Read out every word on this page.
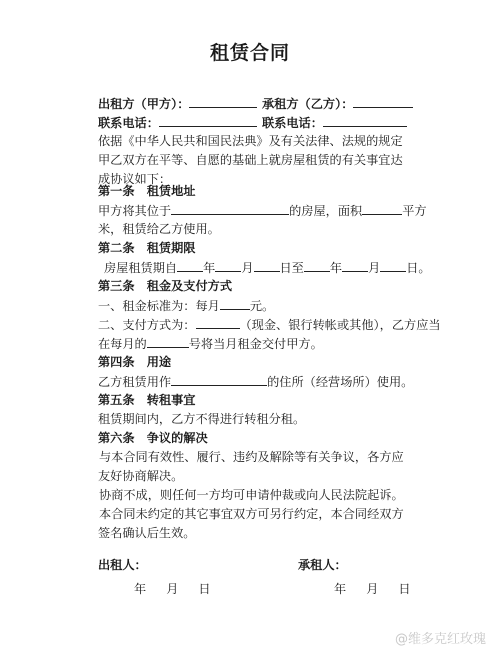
租赁合同
出租方（甲方）：	承租方（乙方）：
联系电话：	联系电话：
依据《中华人民共和国民法典》及有关法律、法规的规定甲乙双方在平等、自愿的基础上就房屋租赁的有关事宜达成协议如下：
第一条　租赁地址
甲方将其位于	的房屋，面积	平方
米，租赁给乙方使用。
第二条　租赁期限
房屋租赁期自 年 月 日至 年 月 日。
第三条　租金及支付方式
一、租金标准为：每月 元。
二、支付方式为：	（现金、银行转帐或其他），乙方应当
在每月的	号将当月租金交付甲方。
第四条　用途
乙方租赁用作	的住所（经营场所）使用。
第五条　转租事宜
租赁期间内，乙方不得进行转租分租。
第六条　争议的解决
与本合同有效性、履行、违约及解除等有关争议，各方应友好协商解决。
协商不成，则任何一方均可申请仲裁或向人民法院起诉。
本合同未约定的其它事宜双方可另行约定，本合同经双方签名确认后生效。
出租人：	承租人：
年 月 日	年 月 日
@维多克红玫瑰
